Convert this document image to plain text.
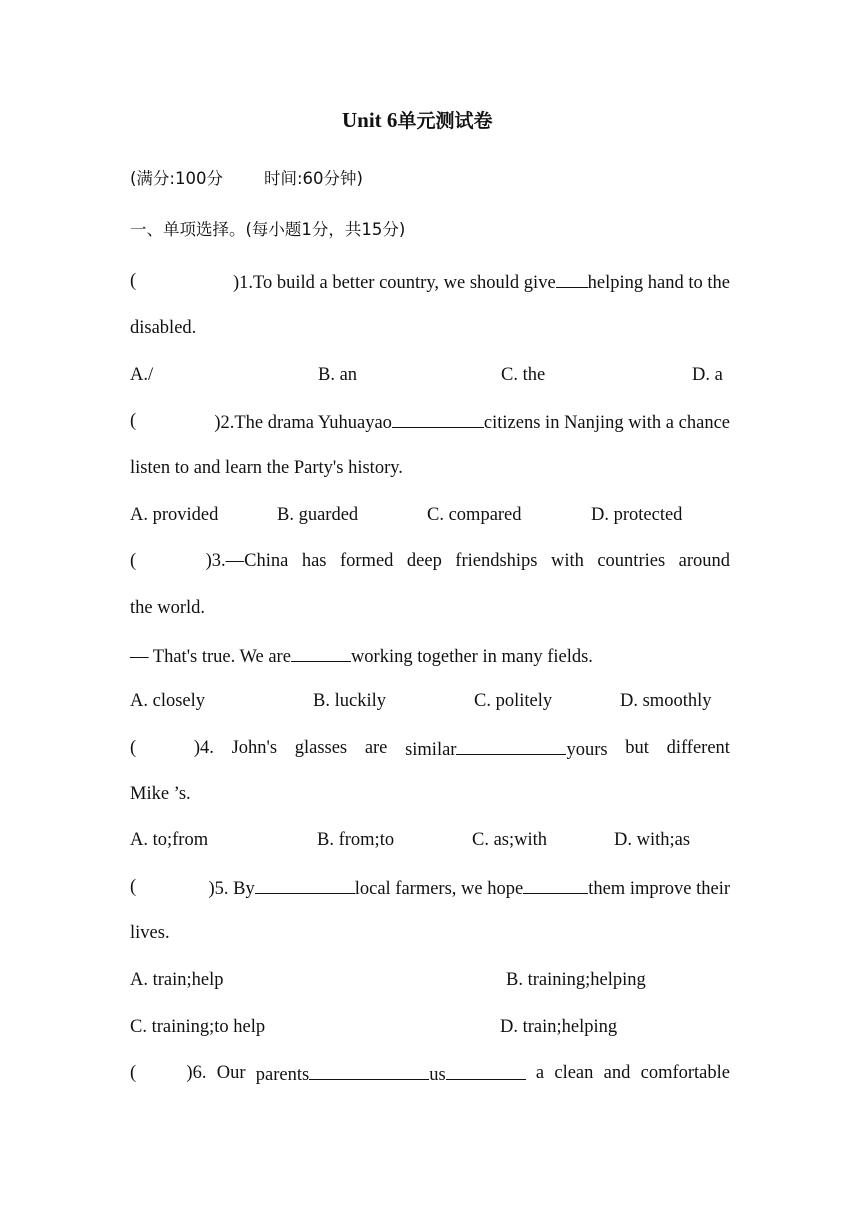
Unit 6单元测试卷
(满分:100分 时间:60分钟)
一、单项选择。(每小题1分，共15分)
(	)1.To build a better country, we should give helping hand to the
disabled.
A./	B. an	C. the	D. a
(	)2.The drama Yuhuayao	citizens in Nanjing with a chance
listen to and learn the Party's history.
A. provided	B. guarded	C. compared	D. protected
(	)3.—China has formed deep friendships with countries around
the world.
— That's true. We are	working together in many fields.
A. closely	B. luckily	C. politely	D. smoothly
(	)4. John's glasses are similar	yours but different
Mike ’s.
A. to;from	B. from;to	C. as;with	D. with;as
(	)5. By	local farmers, we hope	them improve their
lives.
A. train;help	B. training;helping
C. training;to help	D. train;helping
(	)6. Our parents	us	a clean and comfortable
